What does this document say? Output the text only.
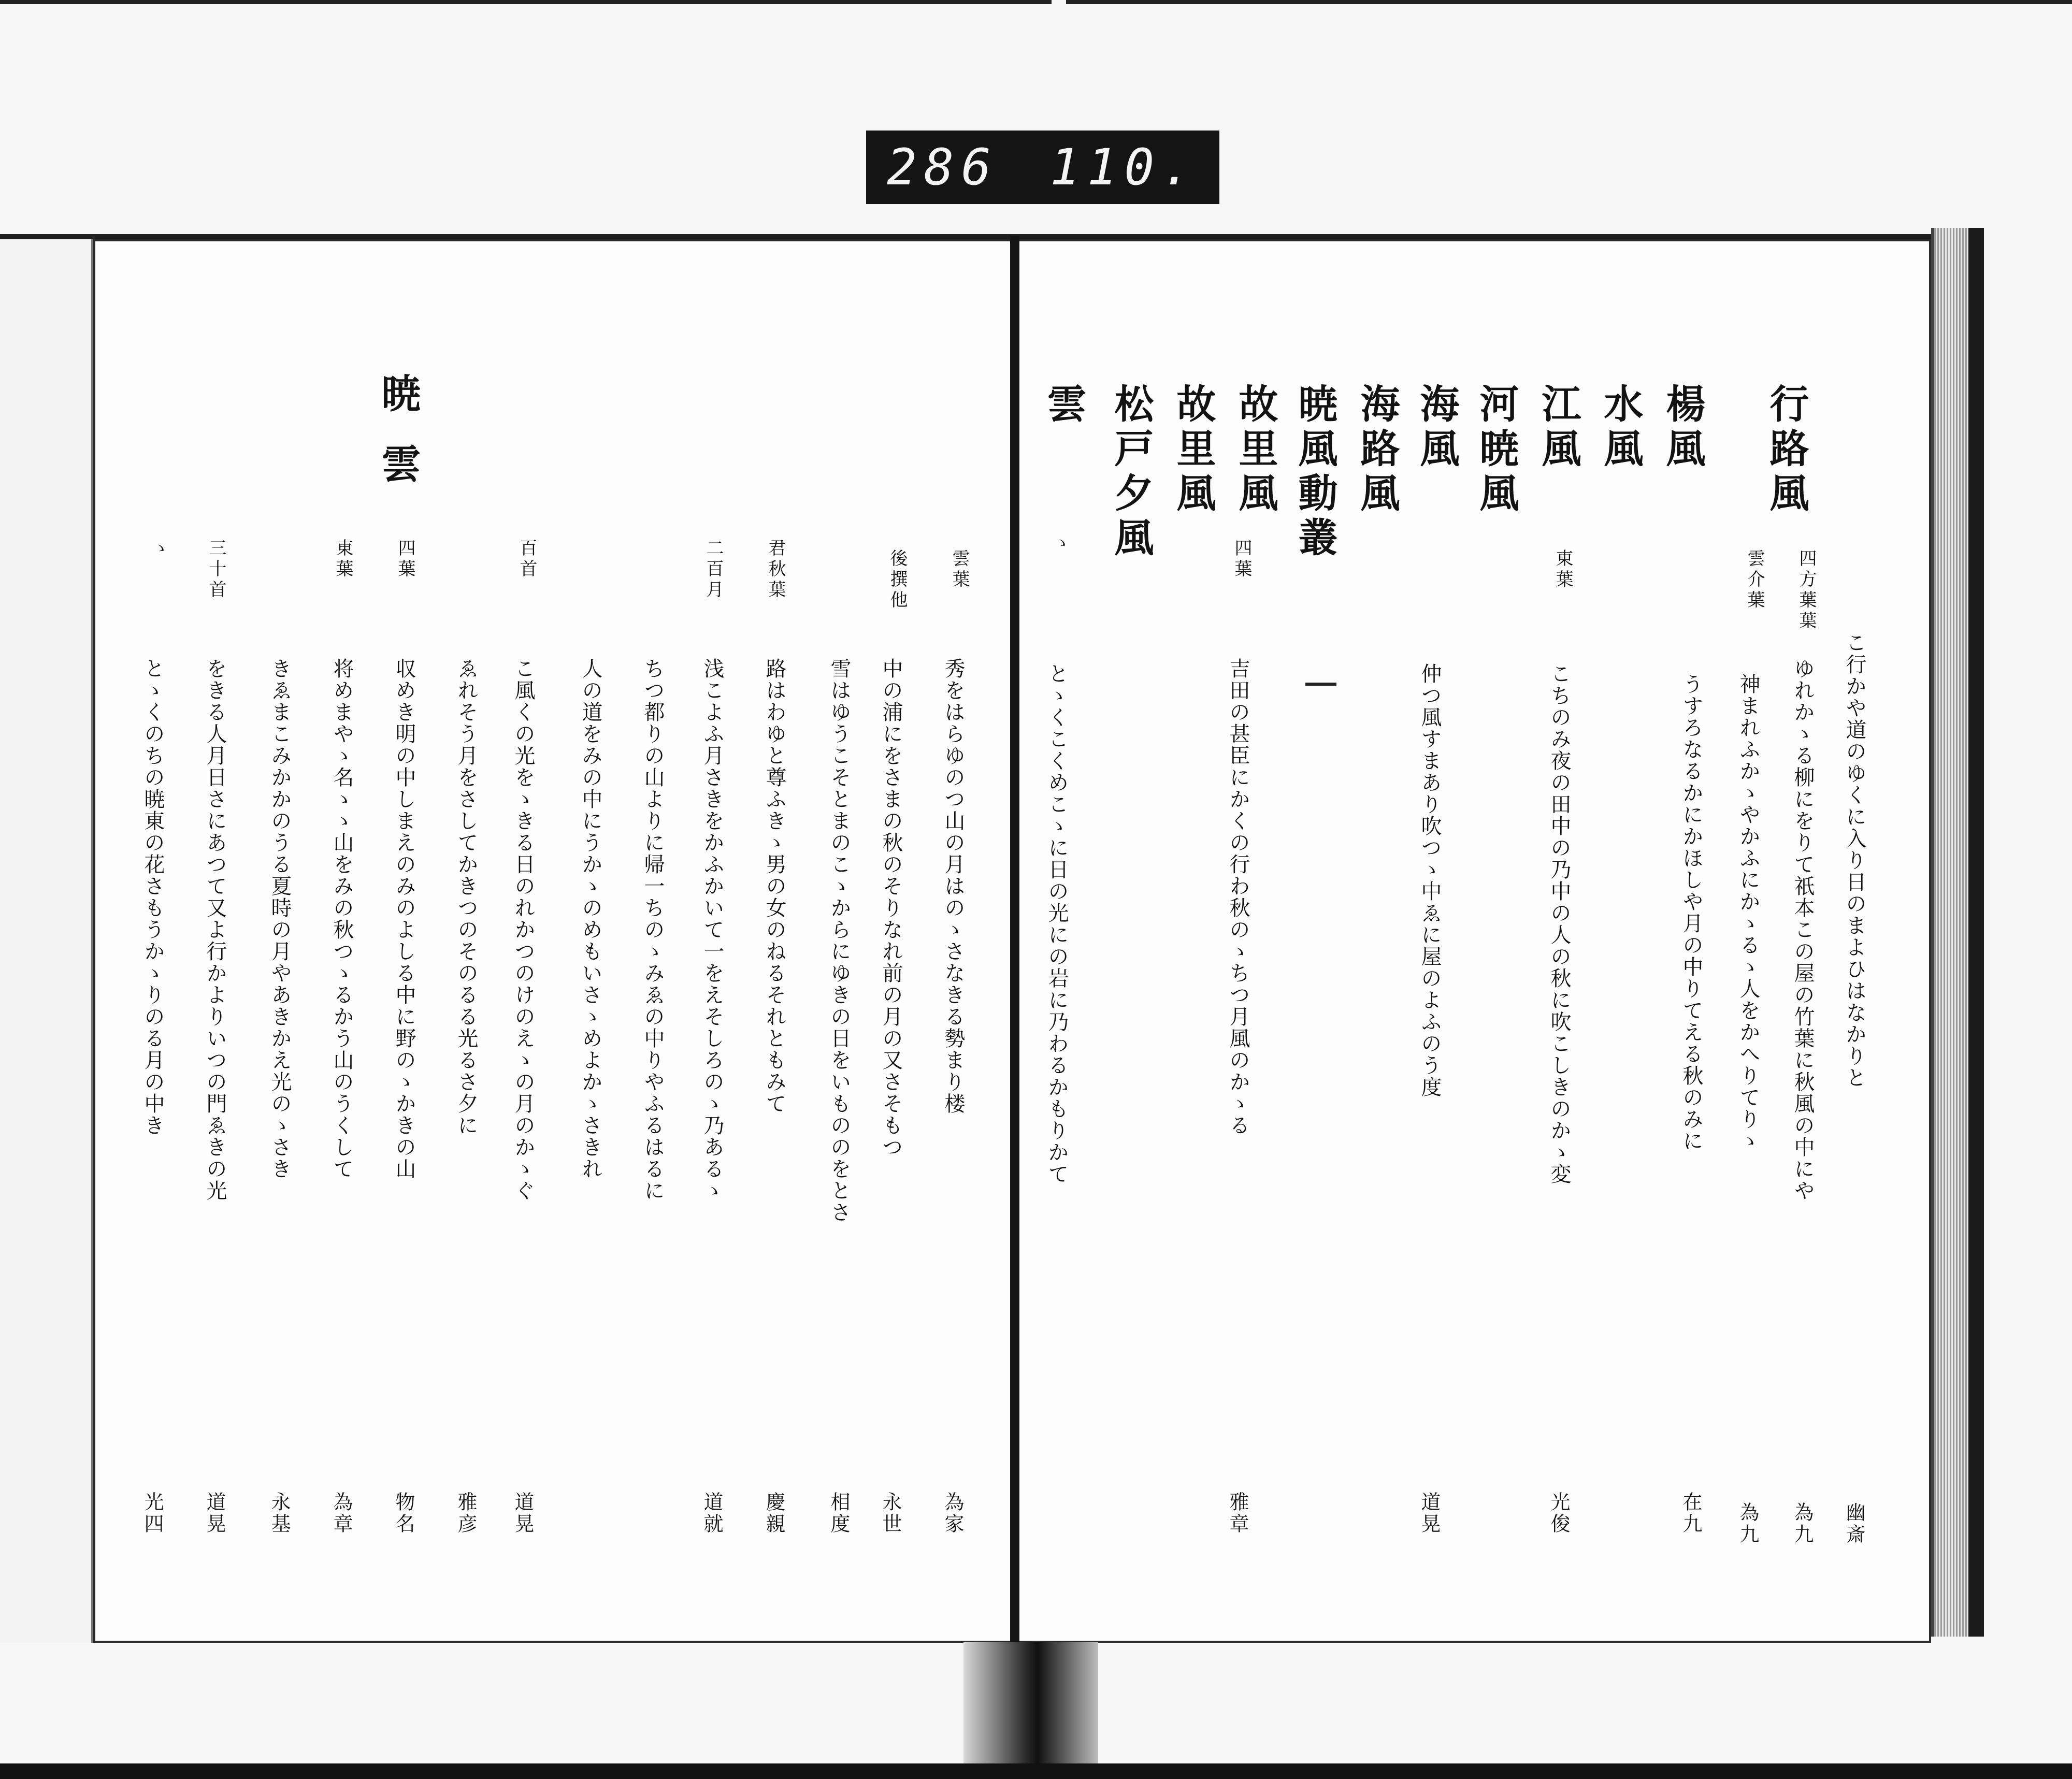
286 110.
行路風
楊風
水風
江風
河暁風
海風
海路風
暁風動叢
故里風
故里風
松戸夕風
雲
こ行かや道のゆくに入り日のまよひはなかりと
幽斎
四方葉葉
ゆれかゝる柳にをりて祇本この屋の竹葉に秋風の中にや
為九
雲介葉
神まれふかゝやかふにかゝるゝ人をかへりてりゝ
為九
うすろなるかにかほしや月の中りてえる秋のみに
在九
東葉
こちのみ夜の田中の乃中の人の秋に吹こしきのかゝ変
光俊
仲つ風すまあり吹つゝ中ゑに屋のよふのう度
道晃
ゝ	四葉
吉田の甚臣にかくの行わ秋のゝちつ月風のかゝる
雅章
とゝくこくめこゝに日の光にの岩に乃わるかもりかて
暁雲
雲葉
秀をはらゆのつ山の月はのゝさなきる勢まり楼
為家
後撰他
中の浦にをさまの秋のそりなれ前の月の又さそもつ
永世
雪はゆうこそとまのこゝからにゆきの日をいもののをとさ
相度
君秋葉
路はわゆと尊ふきゝ男の女のねるそれともみて
慶親
二百月
浅こよふ月さきをかふかいて一をえそしろのゝ乃あるゝ
道就
ちつ都りの山よりに帰一ちのゝみゑの中りやふるはるに
人の道をみの中にうかゝのめもいさゝめよかゝさきれ
百首
こ風くの光をゝきる日のれかつのけのえゝの月のかゝぐ
道晃
ゑれそう月をさしてかきつのそのるる光るさ夕に
雅彦
四葉
収めき明の中しまえのみのよしる中に野のゝかきの山
物名
東葉
将めまやゝ名ゝゝ山をみの秋つゝるかう山のうくして
為章
きゑまこみかかのうる夏時の月やあきかえ光のゝさき
永基
三十首
をきる人月日さにあつて又よ行かよりいつの門ゑきの光
道晃
ゝ
とゝくのちの暁東の花さもうかゝりのる月の中き
光四
